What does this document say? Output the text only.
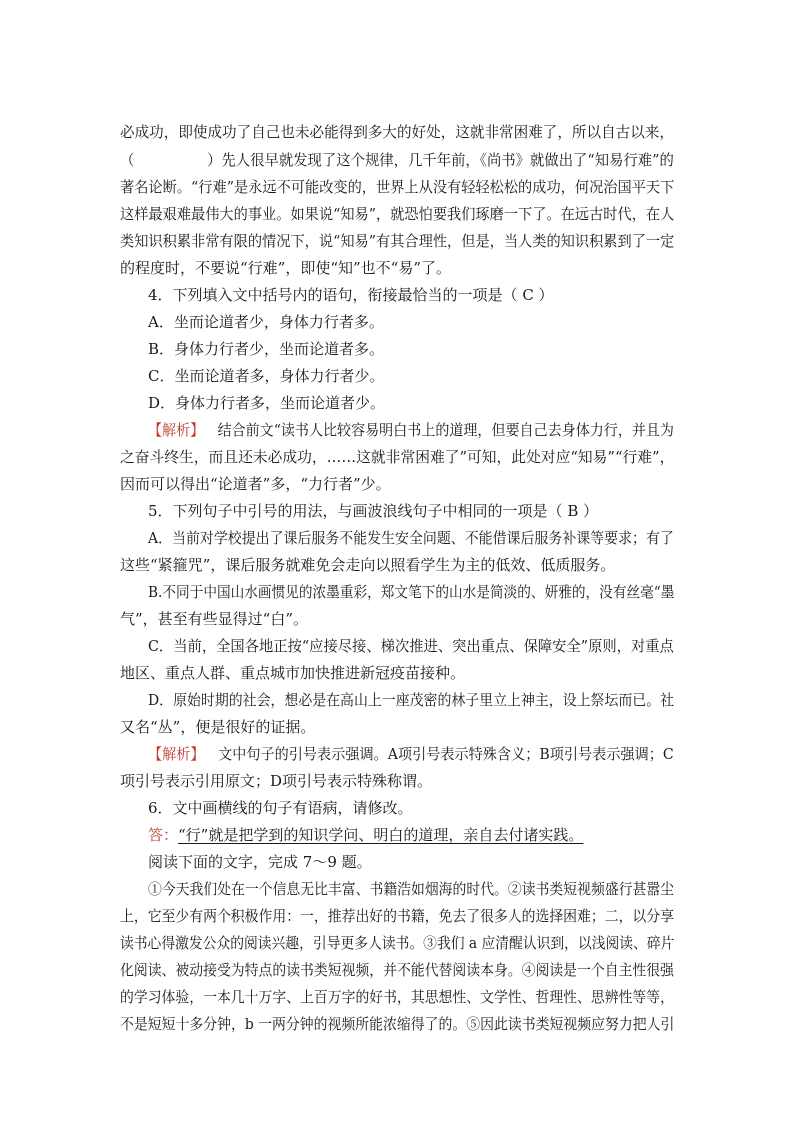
必成功，即使成功了自己也未必能得到多大的好处，这就非常困难了，所以自古以来，
（	）先人很早就发现了这个规律，几千年前，《尚书》就做出了“知易行难”的
著名论断。“行难”是永远不可能改变的，世界上从没有轻轻松松的成功，何况治国平天下
这样最艰难最伟大的事业。如果说“知易”，就恐怕要我们琢磨一下了。在远古时代，在人
类知识积累非常有限的情况下，说“知易”有其合理性，但是，当人类的知识积累到了一定
的程度时，不要说“行难”，即使“知”也不“易”了。
4．下列填入文中括号内的语句，衔接最恰当的一项是（ C ）
A．坐而论道者少，身体力行者多。
B．身体力行者少，坐而论道者多。
C．坐而论道者多，身体力行者少。
D．身体力行者多，坐而论道者少。
【解析】 结合前文“读书人比较容易明白书上的道理，但要自己去身体力行，并且为
之奋斗终生，而且还未必成功，……这就非常困难了”可知，此处对应“知易”“行难”，
因而可以得出“论道者”多，“力行者”少。
5．下列句子中引号的用法，与画波浪线句子中相同的一项是（ B ）
A．当前对学校提出了课后服务不能发生安全问题、不能借课后服务补课等要求；有了
这些“紧箍咒”，课后服务就难免会走向以照看学生为主的低效、低质服务。
B.不同于中国山水画惯见的浓墨重彩，郑文笔下的山水是简淡的、妍雅的，没有丝毫“墨
气”，甚至有些显得过“白”。
C．当前，全国各地正按“应接尽接、梯次推进、突出重点、保障安全”原则，对重点
地区、重点人群、重点城市加快推进新冠疫苗接种。
D．原始时期的社会，想必是在高山上一座茂密的林子里立上神主，设上祭坛而已。社
又名“丛”，便是很好的证据。
【解析】 文中句子的引号表示强调。A项引号表示特殊含义；B项引号表示强调；C
项引号表示引用原文；D项引号表示特殊称谓。
6．文中画横线的句子有语病，请修改。
答：“行”就是把学到的知识学问、明白的道理，亲自去付诸实践。
阅读下面的文字，完成 7～9 题。
①今天我们处在一个信息无比丰富、书籍浩如烟海的时代。②读书类短视频盛行甚嚣尘
上，它至少有两个积极作用：一，推荐出好的书籍，免去了很多人的选择困难；二，以分享
读书心得激发公众的阅读兴趣，引导更多人读书。③我们 a 应清醒认识到，以浅阅读、碎片
化阅读、被动接受为特点的读书类短视频，并不能代替阅读本身。④阅读是一个自主性很强
的学习体验，一本几十万字、上百万字的好书，其思想性、文学性、哲理性、思辨性等等，
不是短短十多分钟，b 一两分钟的视频所能浓缩得了的。⑤因此读书类短视频应努力把人引
